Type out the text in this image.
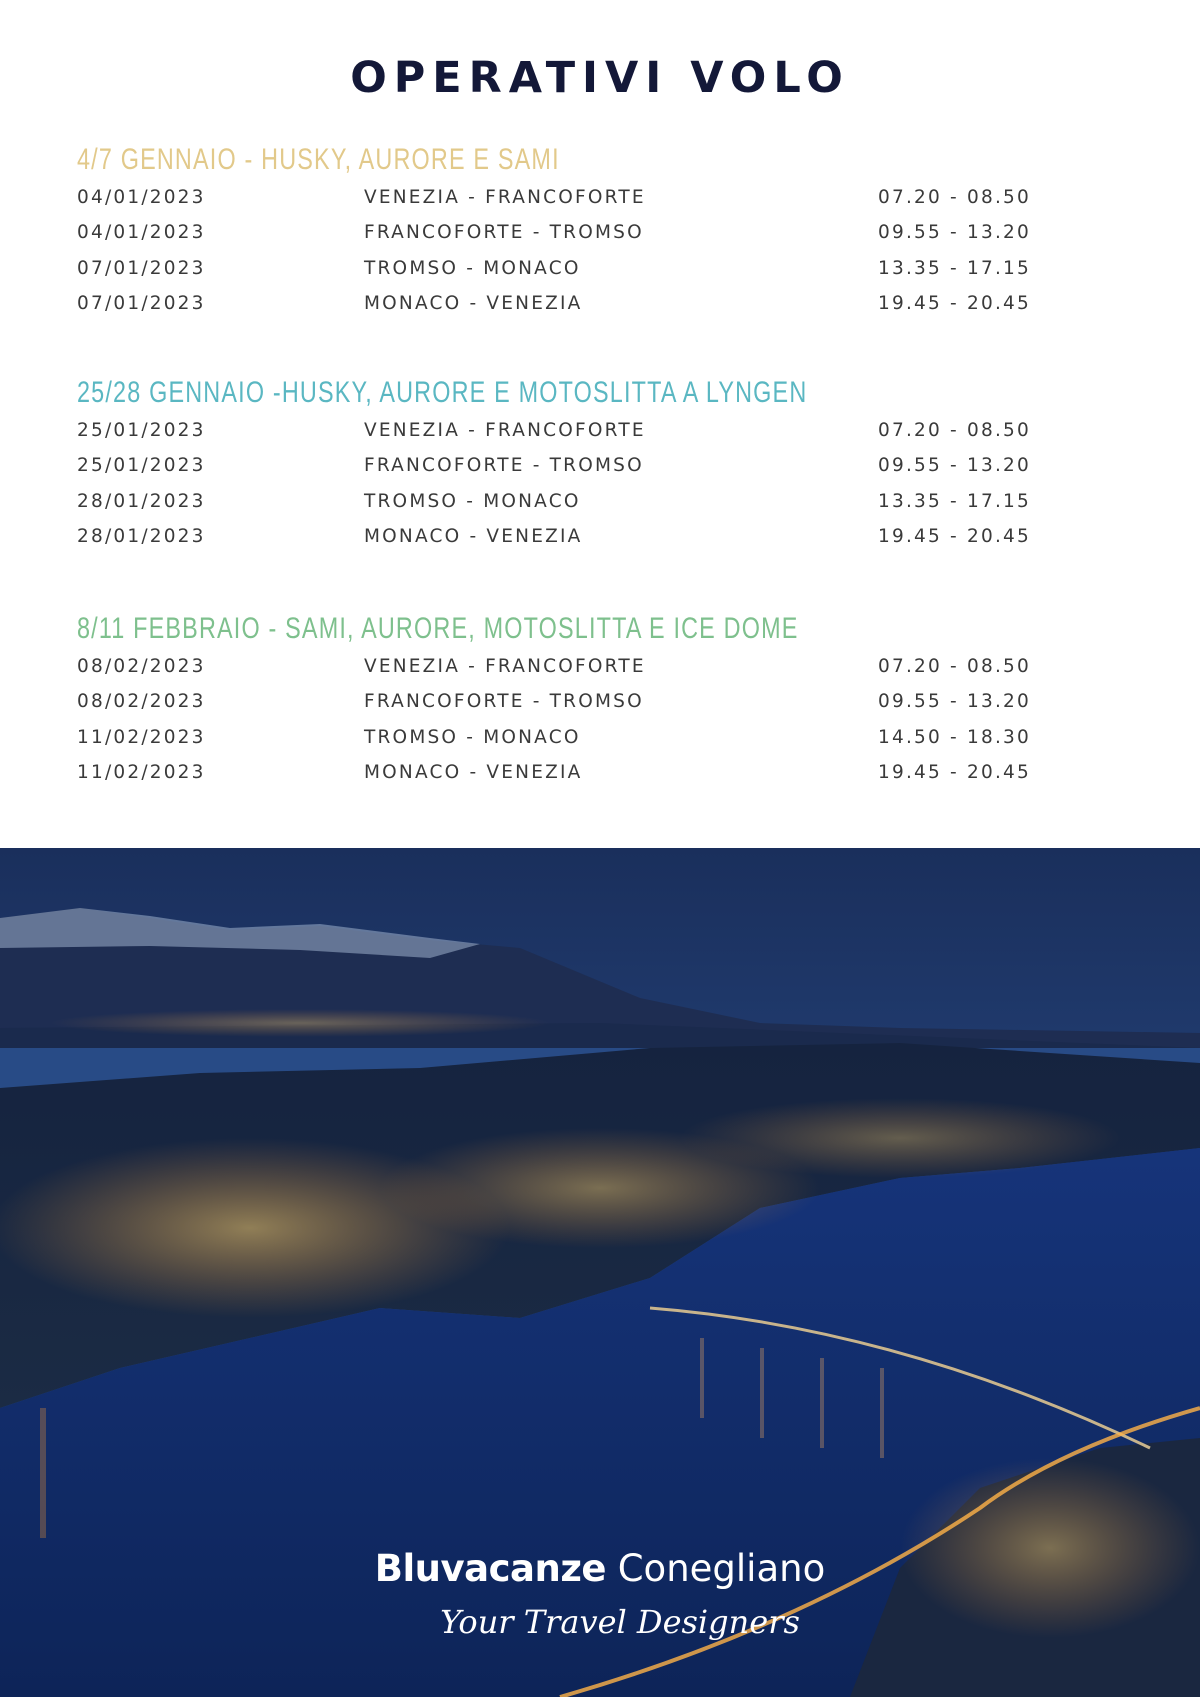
OPERATIVI VOLO
4/7 GENNAIO - HUSKY, AURORE E SAMI
04/01/2023	VENEZIA - FRANCOFORTE	07.20 - 08.50
04/01/2023	FRANCOFORTE - TROMSO	09.55 - 13.20
07/01/2023	TROMSO - MONACO	13.35 - 17.15
07/01/2023	MONACO - VENEZIA	19.45 - 20.45
25/28 GENNAIO -HUSKY, AURORE E MOTOSLITTA A LYNGEN
25/01/2023	VENEZIA - FRANCOFORTE	07.20 - 08.50
25/01/2023	FRANCOFORTE - TROMSO	09.55 - 13.20
28/01/2023	TROMSO - MONACO	13.35 - 17.15
28/01/2023	MONACO - VENEZIA	19.45 - 20.45
8/11 FEBBRAIO - SAMI, AURORE, MOTOSLITTA E ICE DOME
08/02/2023	VENEZIA - FRANCOFORTE	07.20 - 08.50
08/02/2023	FRANCOFORTE - TROMSO	09.55 - 13.20
11/02/2023	TROMSO - MONACO	14.50 - 18.30
11/02/2023	MONACO - VENEZIA	19.45 - 20.45
Bluvacanze Conegliano
Your Travel Designers
